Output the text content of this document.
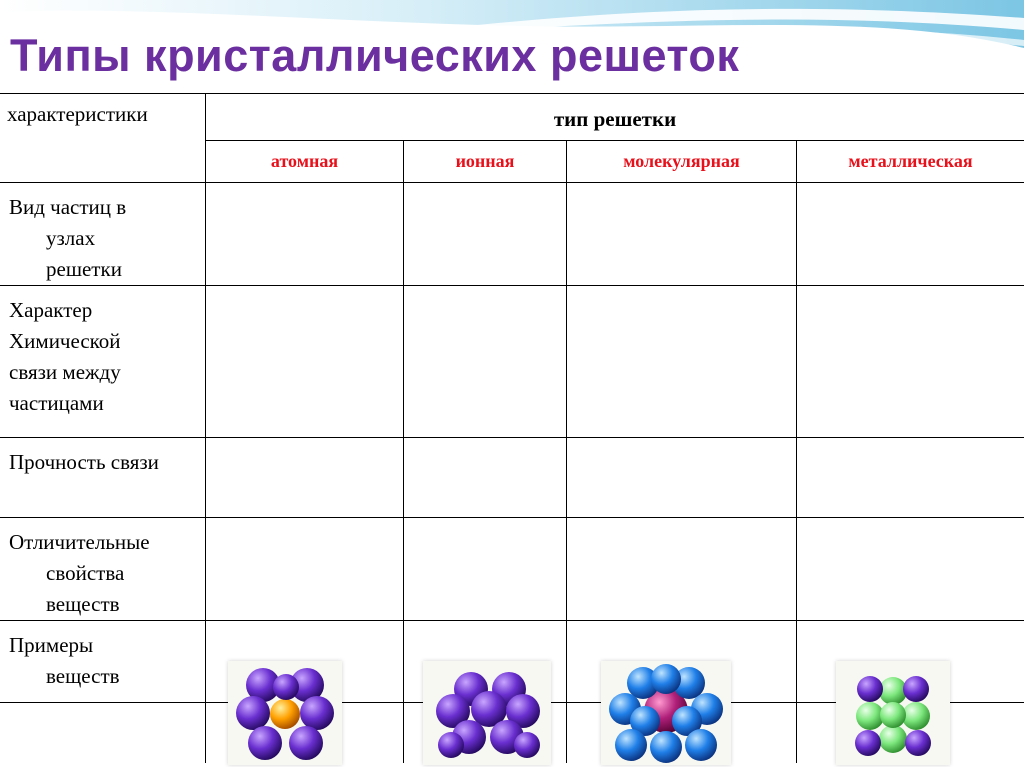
Типы кристаллических решеток
характеристики	тип решетки			
	атомная	ионная	молекулярная	металлическая

Вид частиц в
узлах
решетки				

Характер
Химической
связи между
частицами				

Прочность связи				

Отличительные
свойства
веществ				

Примеры
веществ				
